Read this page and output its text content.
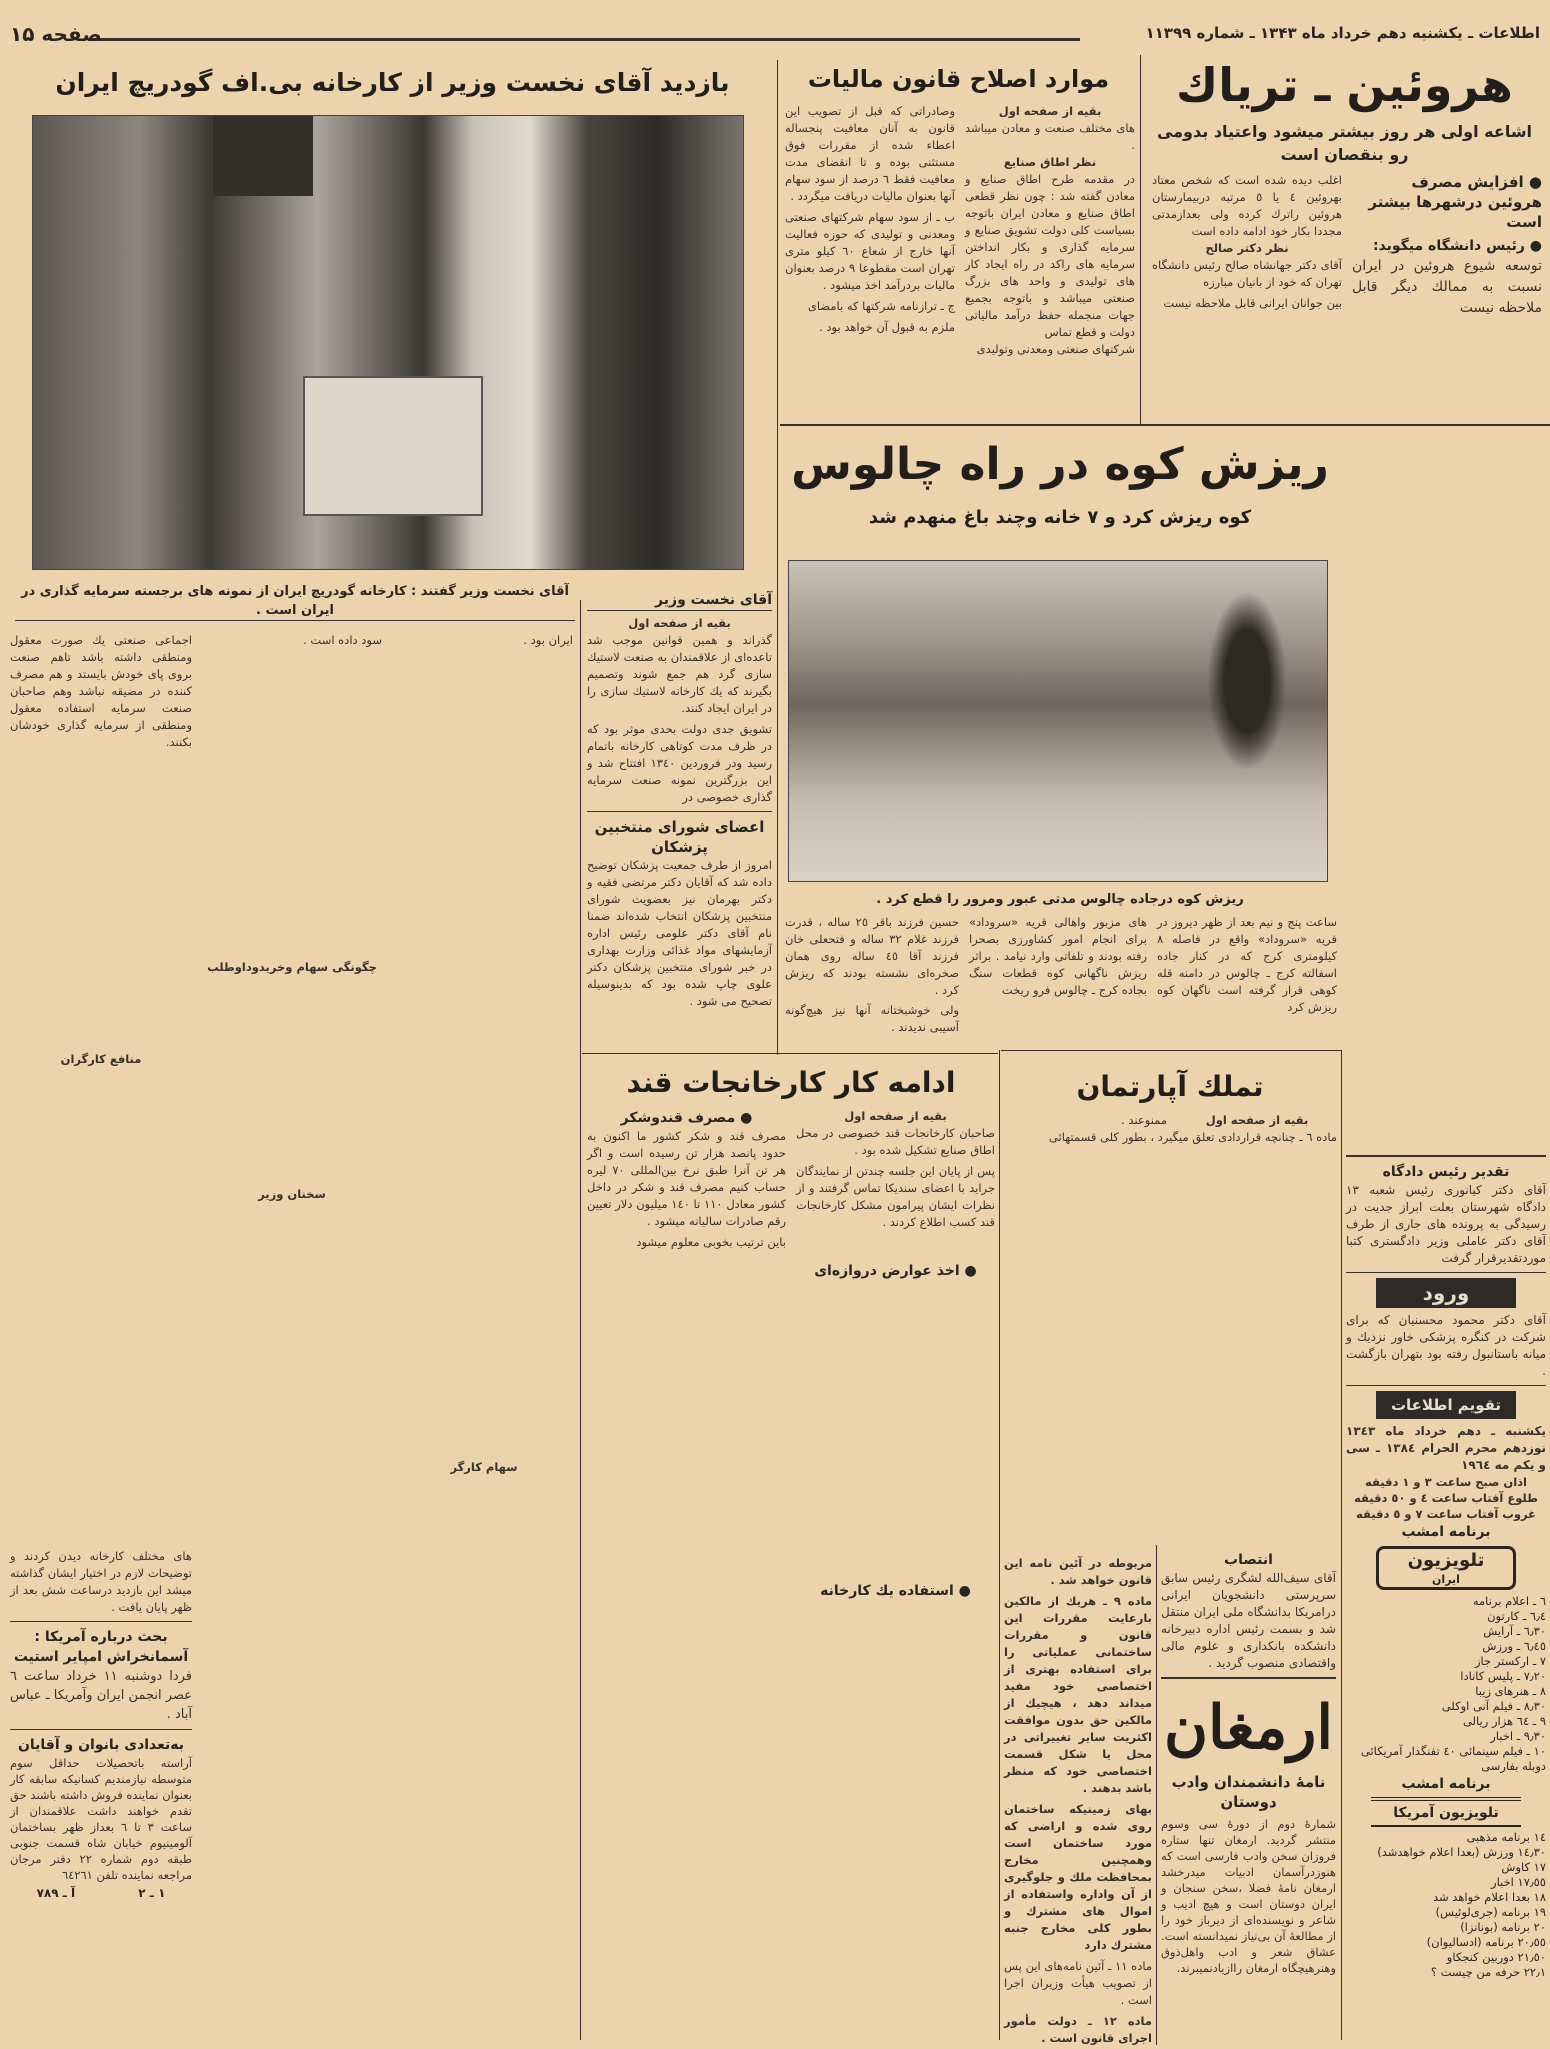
اطلاعات ـ یکشنبه دهم خرداد ماه ۱۳۴۳ ـ شماره ۱۱۳۹۹
صفحه ۱۵
هروئین ـ تریاك
اشاعه اولی هر روز بیشتر میشود واعتیاد بدومی رو بنقصان است
● افزایش مصرف هروئین درشهرها بیشتر است
● رئیس دانشگاه میگوید:
توسعه شیوع هروئین در ایران نسبت به ممالك دیگر قابل ملاحظه نیست
اغلب دیده شده است که شخص معتاد بهروئین ٤ یا ٥ مرتبه دربیمارستان هروئین راترك کرده ولی بعدازمدتی مجددا بکار خود ادامه داده است
نظر دکتر صالح
آقای دکتر جهانشاه صالح رئیس دانشگاه تهران که خود از بانیان مبارزه
بین جوانان ایرانی قابل ملاحظه نیست
موارد اصلاح قانون مالیات
بقیه از صفحه اول
های مختلف صنعت و معادن میباشد .
نظر اطاق صنایع
در مقدمه طرح اطاق صنایع و معادن گفته شد : چون نظر قطعی اطاق صنایع و معادن ایران باتوجه بسیاست کلی دولت تشویق صنایع و سرمایه گذاری و بکار انداختن سرمایه های راکد در راه ایجاد کار های تولیدی و واحد های بزرگ صنعتی میباشد و باتوجه بجمیع جهات منجمله حفظ درآمد مالیاتی دولت و قطع تماس
شرکتهای صنعتی ومعدنی وتولیدی
وصادراتی که قبل از تصویب این قانون به آنان معافیت پنجساله اعطاء شده از مقررات فوق مستثنی بوده و تا انقضای مدت معافیت فقط ٦ درصد از سود سهام آنها بعنوان مالیات دریافت میگردد .
ب ـ از سود سهام شرکتهای صنعتی ومعدنی و تولیدی که حوزه فعالیت آنها خارج از شعاع ٦٠ کیلو متری تهران است مقطوعا ٩ درصد بعنوان مالیات بردرآمد اخذ میشود .
ج ـ ترازنامه شرکتها که بامضای
ملزم به قبول آن خواهد بود .
بازدید آقای نخست وزیر از کارخانه بی.اف گودریچ ایران
آقای نخست وزیر گفتند : کارخانه گودریچ ایران از نمونه های برجسته سرمایه گذاری در ایران است .
آقای نخست وزیر
بقیه از صفحه اول
گذراند و همین قوانین موجب شد تاعده‌ای از علاقمندان به صنعت لاستیك سازی گرد هم جمع شوند وتصمیم بگیرند که یك کارخانه لاستیك سازی را در ایران ایجاد کنند.
تشویق جدی دولت بحدی موثر بود که در ظرف مدت کوتاهی کارخانه باتمام رسید ودر فروردین ١٣٤٠ افتتاح شد و این بزرگترین نمونه صنعت سرمایه گذاری خصوصی در
اعضای شورای منتخبین پزشکان
امروز از طرف جمعیت پزشکان توضیح داده شد که آقایان دکتر مرتضی فقیه و دکتر بهرمان نیز بعضویت شورای منتخبین پزشکان انتخاب شده‌اند ضمنا نام آقای دکتر علومی رئیس اداره آزمایشهای مواد غذائی وزارت بهداری در خبر شورای منتخبین پزشکان دکتر علوی چاپ شده بود که بدینوسیله تصحیح می شود .
ایران بود .
سهام کارگر
سود داده است .
چگونگی سهام وخریدوداوطلب
سخنان وزیر
اجماعی صنعتی یك صورت معقول ومنطقی داشته باشد تاهم صنعت بروی پای خودش بایستد و هم مصرف کننده در مضیقه نباشد وهم صاحبان صنعت سرمایه استفاده معقول ومنطقی از سرمایه گذاری خودشان بکنند.
منافع کارگران
های مختلف کارخانه دیدن کردند و توضیحات لازم در اختیار ایشان گذاشته میشد این بازدید درساعت شش بعد از ظهر پایان یافت .
بحث درباره آمریکا :
آسمانخراش امپایر استیت
فردا دوشنبه ١١ خرداد ساعت ٦ عصر انجمن ایران وآمریکا ـ عباس آباد .
به‌تعدادی بانوان و آقایان
آراسته باتحصیلات حداقل سوم متوسطه نیازمندیم کسانیکه سابقه کار بعنوان نماینده فروش داشته باشند حق تقدم خواهند داشت علاقمندان از ساعت ٣ تا ٦ بعداز ظهر بساختمان آلومینیوم خیابان شاه قسمت جنوبی طبقه دوم شماره ٢٢ دفتر مرجان مراجعه نماینده تلفن ٦٤٢٦١
١ ـ ٢
آ ـ ٧٨٩
ریزش کوه در راه چالوس
کوه ریزش کرد و ۷ خانه وچند باغ منهدم شد
ریزش کوه درجاده چالوس مدتی عبور ومرور را قطع کرد .
ساعت پنج و نیم بعد از ظهر دیروز در قریه «سروداد» واقع در فاصله ٨ کیلومتری کرج که در کنار جاده اسفالته کرج ـ چالوس در دامنه قله کوهی قرار گرفته است ناگهان کوه ریزش کرد
های مزبور واهالی قریه «سروداد» برای انجام امور کشاورزی بصحرا رفته بودند و تلفاتی وارد نیامد . براثر ریزش ناگهانی کوه قطعات سنگ بجاده کرج ـ چالوس فرو ریخت
حسین فرزند باقر ٢٥ ساله ، قدرت فرزند غلام ٣٢ ساله و فتحعلی خان فرزند آقا ٤٥ ساله روی همان صخره‌ای نشسته بودند که ریزش کرد .
ولی خوشبختانه آنها نیز هیچ‌گونه آسیبی ندیدند .
ادامه کار کارخانجات قند
بقیه از صفحه اول
صاحبان کارخانجات قند خصوصی در محل اطاق صنایع تشکیل شده بود .
پس از پایان این جلسه چندتن از نمایندگان جراید با اعضای سندیکا تماس گرفتند و از نظرات ایشان پیرامون مشکل کارخانجات قند کسب اطلاع کردند .
● اخذ عوارض دروازه‌ای
● استفاده یك کارخانه
● مصرف قندوشکر
مصرف قند و شکر کشور ما اکنون به حدود پانصد هزار تن رسیده است و اگر هر تن آنرا طبق نرخ بین‌المللی ٧٠ لیره حساب کنیم مصرف قند و شکر در داخل کشور معادل ١١٠ تا ١٤٠ میلیون دلار تعیین رقم صادرات سالیانه میشود .
باین ترتیب بخوبی معلوم میشود
تملك آپارتمان
بقیه از صفحه اول
ممنوعند .
ماده ٦ ـ چنانچه قراردادی تعلق میگیرد ، بطور کلی قسمتهائی
مربوطه در آئین نامه این قانون خواهد شد .
ماده ٩ ـ هریك از مالکین بارعایت مقررات این قانون و مقررات ساختمانی عملیاتی را برای استفاده بهتری از اختصاصی خود مفید میداند دهد ، هیچیك از مالکین حق بدون موافقت اکثریت سایر تغییراتی در محل یا شکل قسمت اختصاصی خود که منظر باشد بدهند .
بهای زمینیکه ساختمان روی شده و اراضی که مورد ساختمان است وهمچنین مخارج بمحافظت ملك و جلوگیری از آن واداره واستفاده از اموال های مشترك و بطور کلی مخارج جنبه مشترك دارد
ماده ١١ ـ آئین نامه‌های این پس از تصویب هیأت وزیران اجرا است .
ماده ١٢ ـ دولت مأمور اجرای قانون است .
انتصاب
آقای سیف‌الله لشگری رئیس سابق سرپرستی دانشجویان ایرانی درامریکا بدانشگاه ملی ایران منتقل شد و بسمت رئیس اداره دبیرخانه دانشکده بانکداری و علوم مالی واقتصادی منصوب گردید .
ارمغان
نامهٔ دانشمندان وادب دوستان
شمارهٔ دوم از دورهٔ سی وسوم منتشر گردید. ارمغان تنها ستاره فروزان سخن وادب فارسی است که هنوزدرآسمان ادبیات میدرخشد ارمغان نامهٔ فضلا ،سخن سنجان و ایران دوستان است و هیچ ادیب و شاعر و نویسنده‌ای از دیرباز خود را از مطالعهٔ آن بی‌نیاز نمیدانسته است. عشاق شعر و ادب واهل‌ذوق وهنرهیچگاه ارمغان راازیادنمیبرند.
تقدیر رئیس دادگاه
آقای دکتر کیانوری رئیس شعبه ١٣ دادگاه شهرستان بعلت ابراز جدیت در رسیدگی به پرونده های جاری از طرف آقای دکتر عاملی وزیر دادگستری کتبا موردتقدیرقرار گرفت
ورود
آقای دکتر محمود محسنیان که برای شرکت در کنگره پزشکی خاور نزدیك و میانه باستانبول رفته بود بتهران بازگشت .
تقویم اطلاعات
یکشنبه ـ دهم خرداد ماه ١٣٤٣ نوزدهم محرم الحرام ١٣٨٤ ـ سی و یکم مه ١٩٦٤
اذان صبح ساعت ٣ و ١ دقیقه
طلوع آفتاب ساعت ٤ و ٥٠ دقیقه
غروب آفتاب ساعت ٧ و ٥ دقیقه
برنامه امشب
تلویزیون
ایران
٦ ـ اعلام برنامه
٦٫٤ ـ کارتون
٦٫٣٠ ـ آرایش
٦٫٤٥ ـ ورزش
٧ ـ ارکستر جاز
٧٫٢٠ ـ پلیس کانادا
٨ ـ هنرهای زیبا
٨٫٣٠ ـ فیلم آنی اوکلی
٩ ـ ٦٤ هزار ریالی
٩٫٣٠ ـ اخبار
١٠ ـ فیلم سینمائی ٤٠ تفنگدار آمریکائی دوبله بفارسی
برنامه امشب
تلویزیون آمریکا
١٤ برنامه مذهبی
١٤٫٣٠ ورزش (بعدا اعلام خواهدشد)
١٧ کاوش
١٧٫٥٥ اخبار
١٨ بعدا اعلام خواهد شد
١٩ برنامه (جری‌لوئیس)
٢٠ برنامه (بونانزا)
٢٠٫٥٥ برنامه (ادسالیوان)
٢١٫٥٠ دوربین کنجکاو
٢٢٫١ حرفه من چیست ؟
